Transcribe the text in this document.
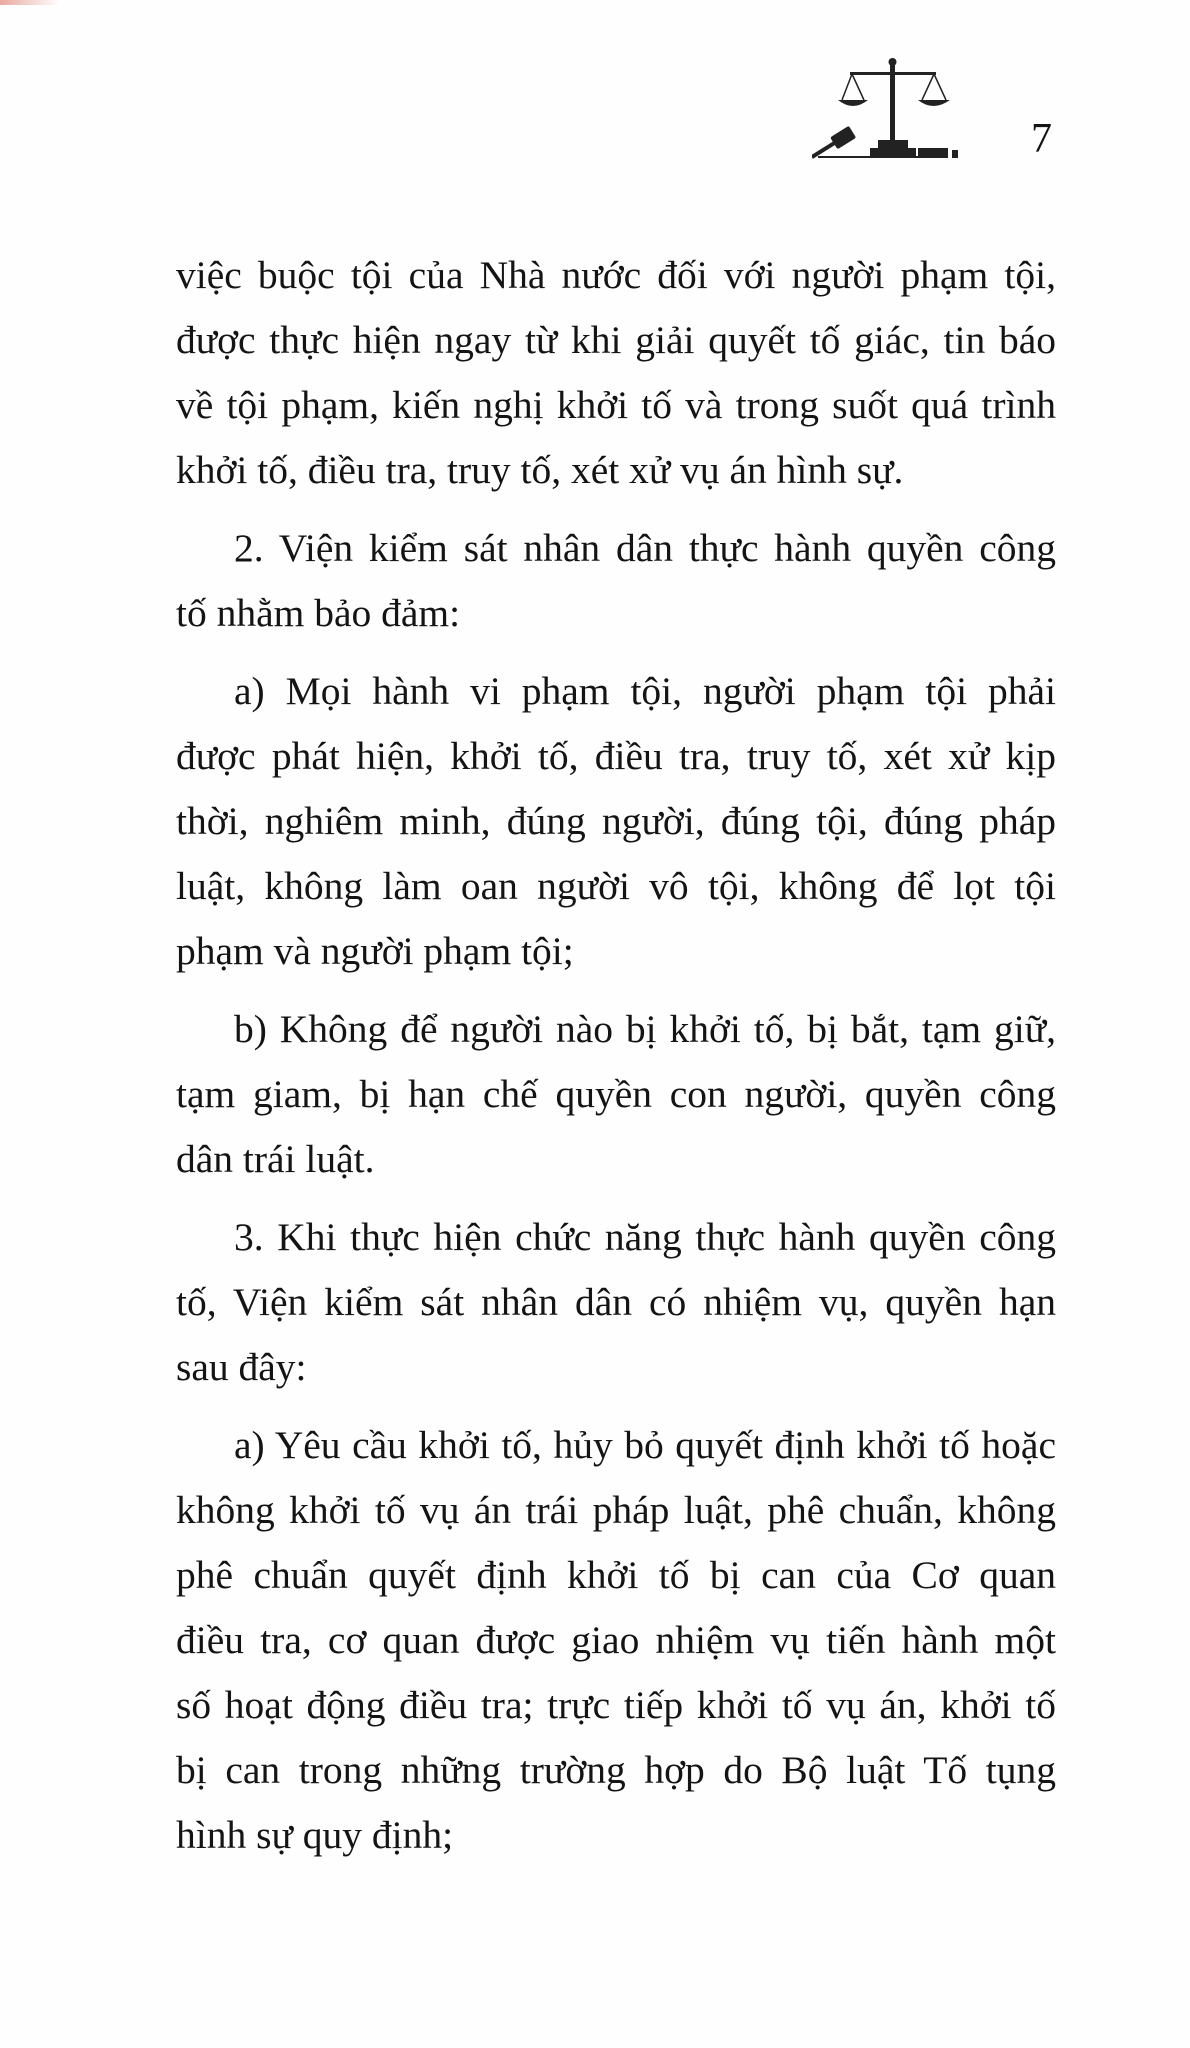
7
việc buộc tội của Nhà nước đối với người phạm tội,
được thực hiện ngay từ khi giải quyết tố giác, tin báo
về tội phạm, kiến nghị khởi tố và trong suốt quá trình
khởi tố, điều tra, truy tố, xét xử vụ án hình sự.
2. Viện kiểm sát nhân dân thực hành quyền công
tố nhằm bảo đảm:
a) Mọi hành vi phạm tội, người phạm tội phải
được phát hiện, khởi tố, điều tra, truy tố, xét xử kịp
thời, nghiêm minh, đúng người, đúng tội, đúng pháp
luật, không làm oan người vô tội, không để lọt tội
phạm và người phạm tội;
b) Không để người nào bị khởi tố, bị bắt, tạm giữ,
tạm giam, bị hạn chế quyền con người, quyền công
dân trái luật.
3. Khi thực hiện chức năng thực hành quyền công
tố, Viện kiểm sát nhân dân có nhiệm vụ, quyền hạn
sau đây:
a) Yêu cầu khởi tố, hủy bỏ quyết định khởi tố hoặc
không khởi tố vụ án trái pháp luật, phê chuẩn, không
phê chuẩn quyết định khởi tố bị can của Cơ quan
điều tra, cơ quan được giao nhiệm vụ tiến hành một
số hoạt động điều tra; trực tiếp khởi tố vụ án, khởi tố
bị can trong những trường hợp do Bộ luật Tố tụng
hình sự quy định;
